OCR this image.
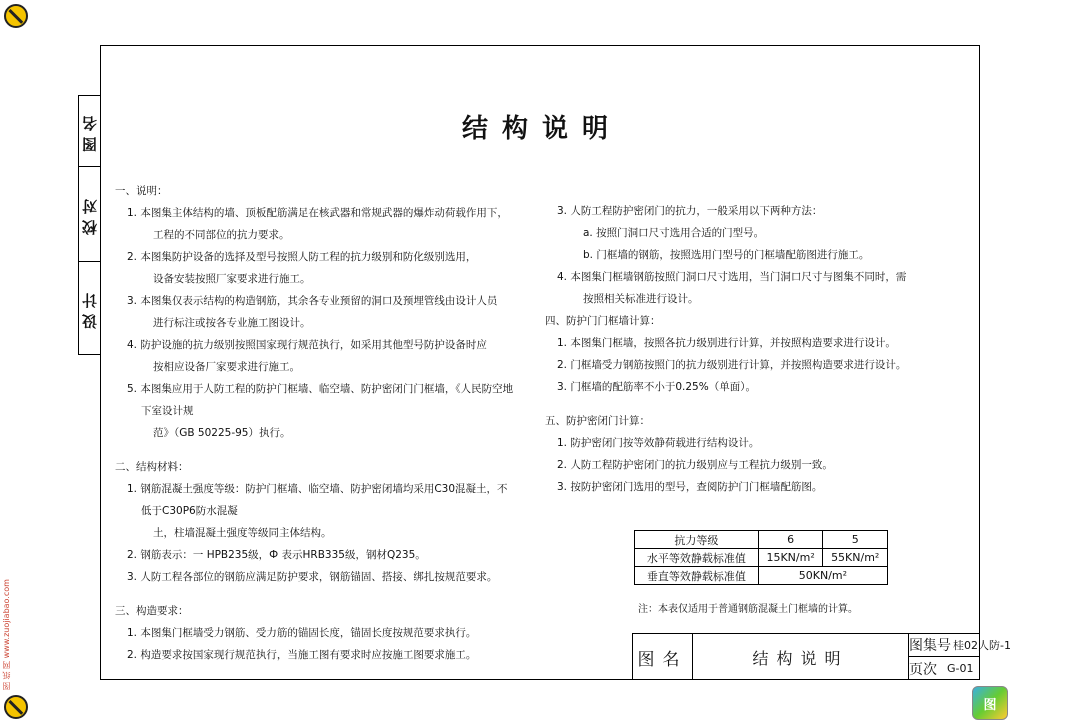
图名
校对
设计
结构说明
一、说明：
1. 本图集主体结构的墙、顶板配筋满足在核武器和常规武器的爆炸动荷载作用下，
工程的不同部位的抗力要求。
2. 本图集防护设备的选择及型号按照人防工程的抗力级别和防化级别选用，
设备安装按照厂家要求进行施工。
3. 本图集仅表示结构的构造钢筋，其余各专业预留的洞口及预埋管线由设计人员
进行标注或按各专业施工图设计。
4. 防护设施的抗力级别按照国家现行规范执行，如采用其他型号防护设备时应
按相应设备厂家要求进行施工。
5. 本图集应用于人防工程的防护门框墙、临空墙、防护密闭门门框墙，《人民防空地下室设计规
范》（GB 50225-95）执行。
二、结构材料：
1. 钢筋混凝土强度等级：防护门框墙、临空墙、防护密闭墙均采用C30混凝土，不低于C30P6防水混凝
土，柱墙混凝土强度等级同主体结构。
2. 钢筋表示：一 HPB235级，Ф 表示HRB335级，钢材Q235。
3. 人防工程各部位的钢筋应满足防护要求，钢筋锚固、搭接、绑扎按规范要求。
三、构造要求：
1. 本图集门框墙受力钢筋、受力筋的锚固长度，锚固长度按规范要求执行。
2. 构造要求按国家现行规范执行，当施工图有要求时应按施工图要求施工。
3. 人防工程防护密闭门的抗力，一般采用以下两种方法：
a. 按照门洞口尺寸选用合适的门型号。
b. 门框墙的钢筋，按照选用门型号的门框墙配筋图进行施工。
4. 本图集门框墙钢筋按照门洞口尺寸选用，当门洞口尺寸与图集不同时，需
按照相关标准进行设计。
四、防护门门框墙计算：
1. 本图集门框墙，按照各抗力级别进行计算，并按照构造要求进行设计。
2. 门框墙受力钢筋按照门的抗力级别进行计算，并按照构造要求进行设计。
3. 门框墙的配筋率不小于0.25%（单面）。
五、防护密闭门计算：
1. 防护密闭门按等效静荷载进行结构设计。
2. 人防工程防护密闭门的抗力级别应与工程抗力级别一致。
3. 按防护密闭门选用的型号，查阅防护门门框墙配筋图。
抗力等级	6	5
水平等效静载标准值	15KN/m²	55KN/m²
垂直等效静载标准值	50KN/m²	
注：本表仅适用于普通钢筋混凝土门框墙的计算。
图名	结构说明
图集号 桂02人防-1
页次 G-01
图 纸 网 www.zuojiabao.com
图
